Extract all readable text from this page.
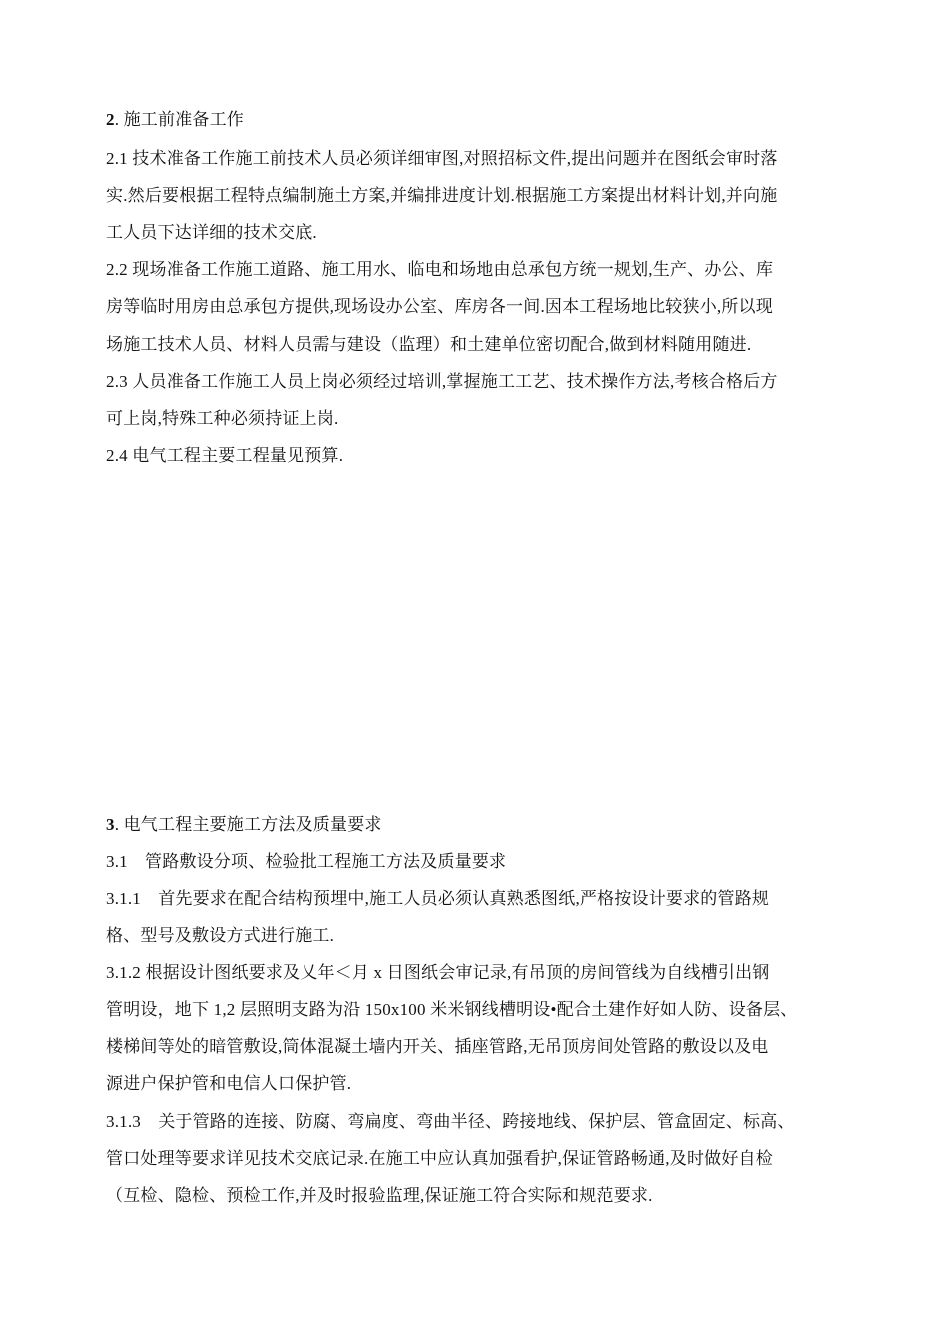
2. 施工前准备工作
2.1 技术准备工作施工前技术人员必须详细审图,对照招标文件,提出问题并在图纸会审时落
实.然后要根据工程特点编制施土方案,并编排进度计划.根据施工方案提出材料计划,并向施
工人员下达详细的技术交底.
2.2 现场准备工作施工道路、施工用水、临电和场地由总承包方统一规划,生产、办公、库
房等临时用房由总承包方提供,现场设办公室、库房各一间.因本工程场地比较狭小,所以现
场施工技术人员、材料人员需与建设（监理）和土建单位密切配合,做到材料随用随进.
2.3 人员准备工作施工人员上岗必须经过培训,掌握施工工艺、技术操作方法,考核合格后方
可上岗,特殊工种必须持证上岗.
2.4 电气工程主要工程量见预算.
3. 电气工程主要施工方法及质量要求
3.1　管路敷设分项、检验批工程施工方法及质量要求
3.1.1　首先要求在配合结构预埋中,施工人员必须认真熟悉图纸,严格按设计要求的管路规
格、型号及敷设方式进行施工.
3.1.2 根据设计图纸要求及乂年＜月 x 日图纸会审记录,有吊顶的房间管线为自线槽引出钢
管明设，地下 1,2 层照明支路为沿 150x100 米米钢线槽明设•配合土建作好如人防、设备层、
楼梯间等处的暗管敷设,筒体混凝土墙内开关、插座管路,无吊顶房间处管路的敷设以及电
源进户保护管和电信人口保护管.
3.1.3　关于管路的连接、防腐、弯扁度、弯曲半径、跨接地线、保护层、管盒固定、标高、
管口处理等要求详见技术交底记录.在施工中应认真加强看护,保证管路畅通,及时做好自检
（互检、隐检、预检工作,并及时报验监理,保证施工符合实际和规范要求.
